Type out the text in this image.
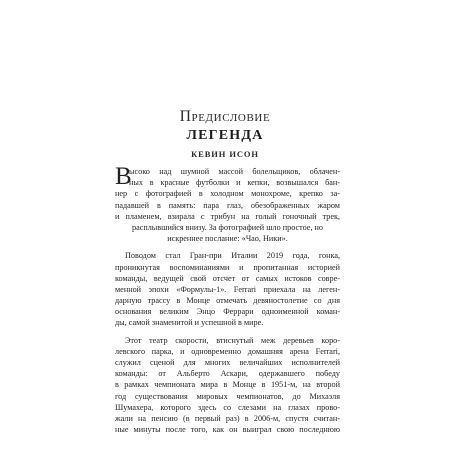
Предисловие
ЛЕГЕНДА
КЕВИН ИСОН
В
ысоко над шумной массой болельщиков, облачен-
ных в красные футболки и кепки, возвышался бан-
нер с фотографией в холодном монохроме, крепко за-
падавшей в память: пара глаз, обезображенных жаром
и пламенем, взирала с трибун на голый гоночный трек,
расплывшийся внизу. За фотографией шло простое, но
искреннее послание: «Чао, Ники».
Поводом стал Гран-при Италии 2019 года, гонка,
проникнутая воспоминаниями и пропитанная историей
команды, ведущей свой отсчет от самых истоков совре-
менной эпохи «Формулы-1». Ferrari приехала на леген-
дарную трассу в Монце отмечать девяностолетие со дня
основания великим Энцо Феррари одноименной коман-
ды, самой знаменитой и успешной в мире.
Этот театр скорости, втиснутый меж деревьев коро-
левского парка, и одновременно домашняя арена Ferrari,
служил сценой для многих величайших исполнителей
команды: от Альберто Аскари, одержавшего победу
в рамках чемпионата мира в Монце в 1951-м, на второй
год существования мировых чемпионатов, до Михаэля
Шумахера, которого здесь со слезами на глазах прово-
жали на пенсию (в первый раз) в 2006-м, спустя считан-
ные минуты после того, как он выиграл свою последнюю
